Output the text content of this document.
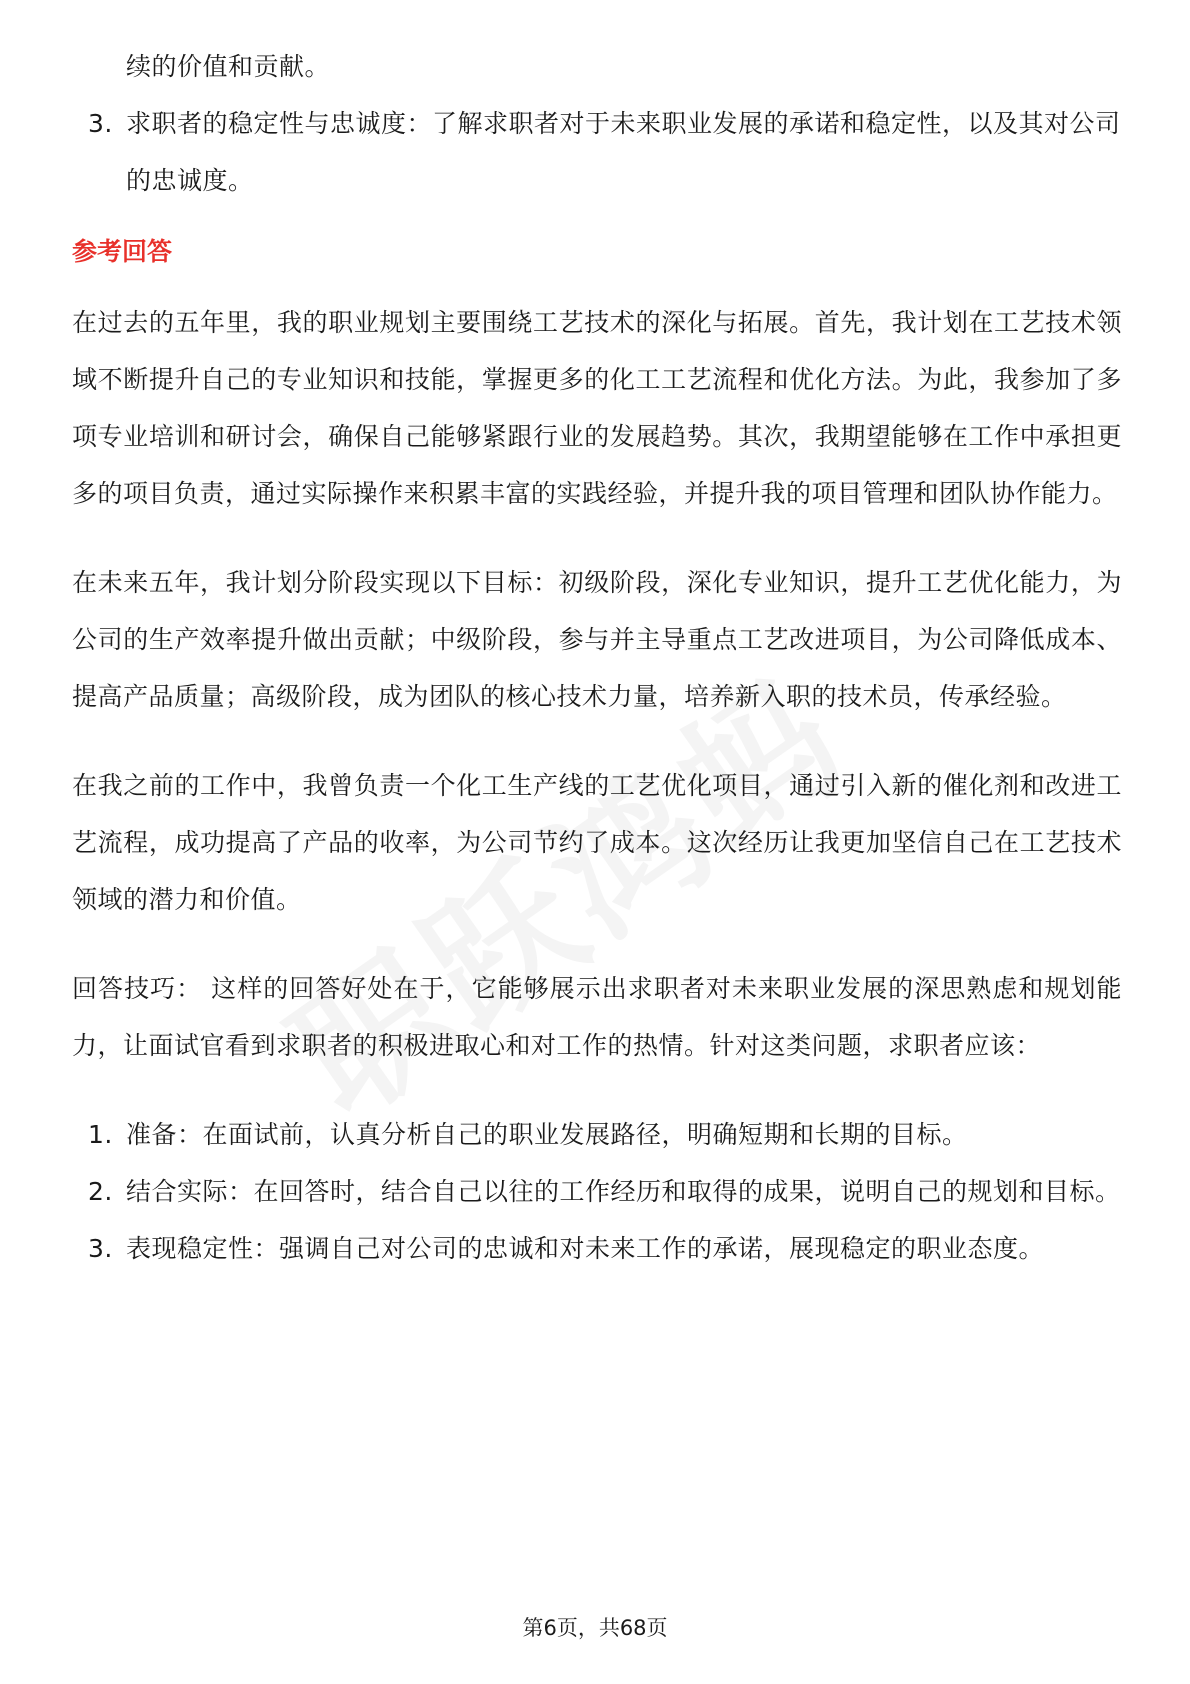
续的价值和贡献。
3. 求职者的稳定性与忠诚度：了解求职者对于未来职业发展的承诺和稳定性，以及其对公司的忠诚度。
参考回答

在过去的五年里，我的职业规划主要围绕工艺技术的深化与拓展。首先，我计划在工艺技术领域不断提升自己的专业知识和技能，掌握更多的化工工艺流程和优化方法。为此，我参加了多项专业培训和研讨会，确保自己能够紧跟行业的发展趋势。其次，我期望能够在工作中承担更多的项目负责，通过实际操作来积累丰富的实践经验，并提升我的项目管理和团队协作能力。

在未来五年，我计划分阶段实现以下目标：初级阶段，深化专业知识，提升工艺优化能力，为公司的生产效率提升做出贡献；中级阶段，参与并主导重点工艺改进项目，为公司降低成本、提高产品质量；高级阶段，成为团队的核心技术力量，培养新入职的技术员，传承经验。

在我之前的工作中，我曾负责一个化工生产线的工艺优化项目，通过引入新的催化剂和改进工艺流程，成功提高了产品的收率，为公司节约了成本。这次经历让我更加坚信自己在工艺技术领域的潜力和价值。

回答技巧： 这样的回答好处在于，它能够展示出求职者对未来职业发展的深思熟虑和规划能力，让面试官看到求职者的积极进取心和对工作的热情。针对这类问题，求职者应该：

1. 准备：在面试前，认真分析自己的职业发展路径，明确短期和长期的目标。
2. 结合实际：在回答时，结合自己以往的工作经历和取得的成果，说明自己的规划和目标。
3. 表现稳定性：强调自己对公司的忠诚和对未来工作的承诺，展现稳定的职业态度。
第6页，共68页
